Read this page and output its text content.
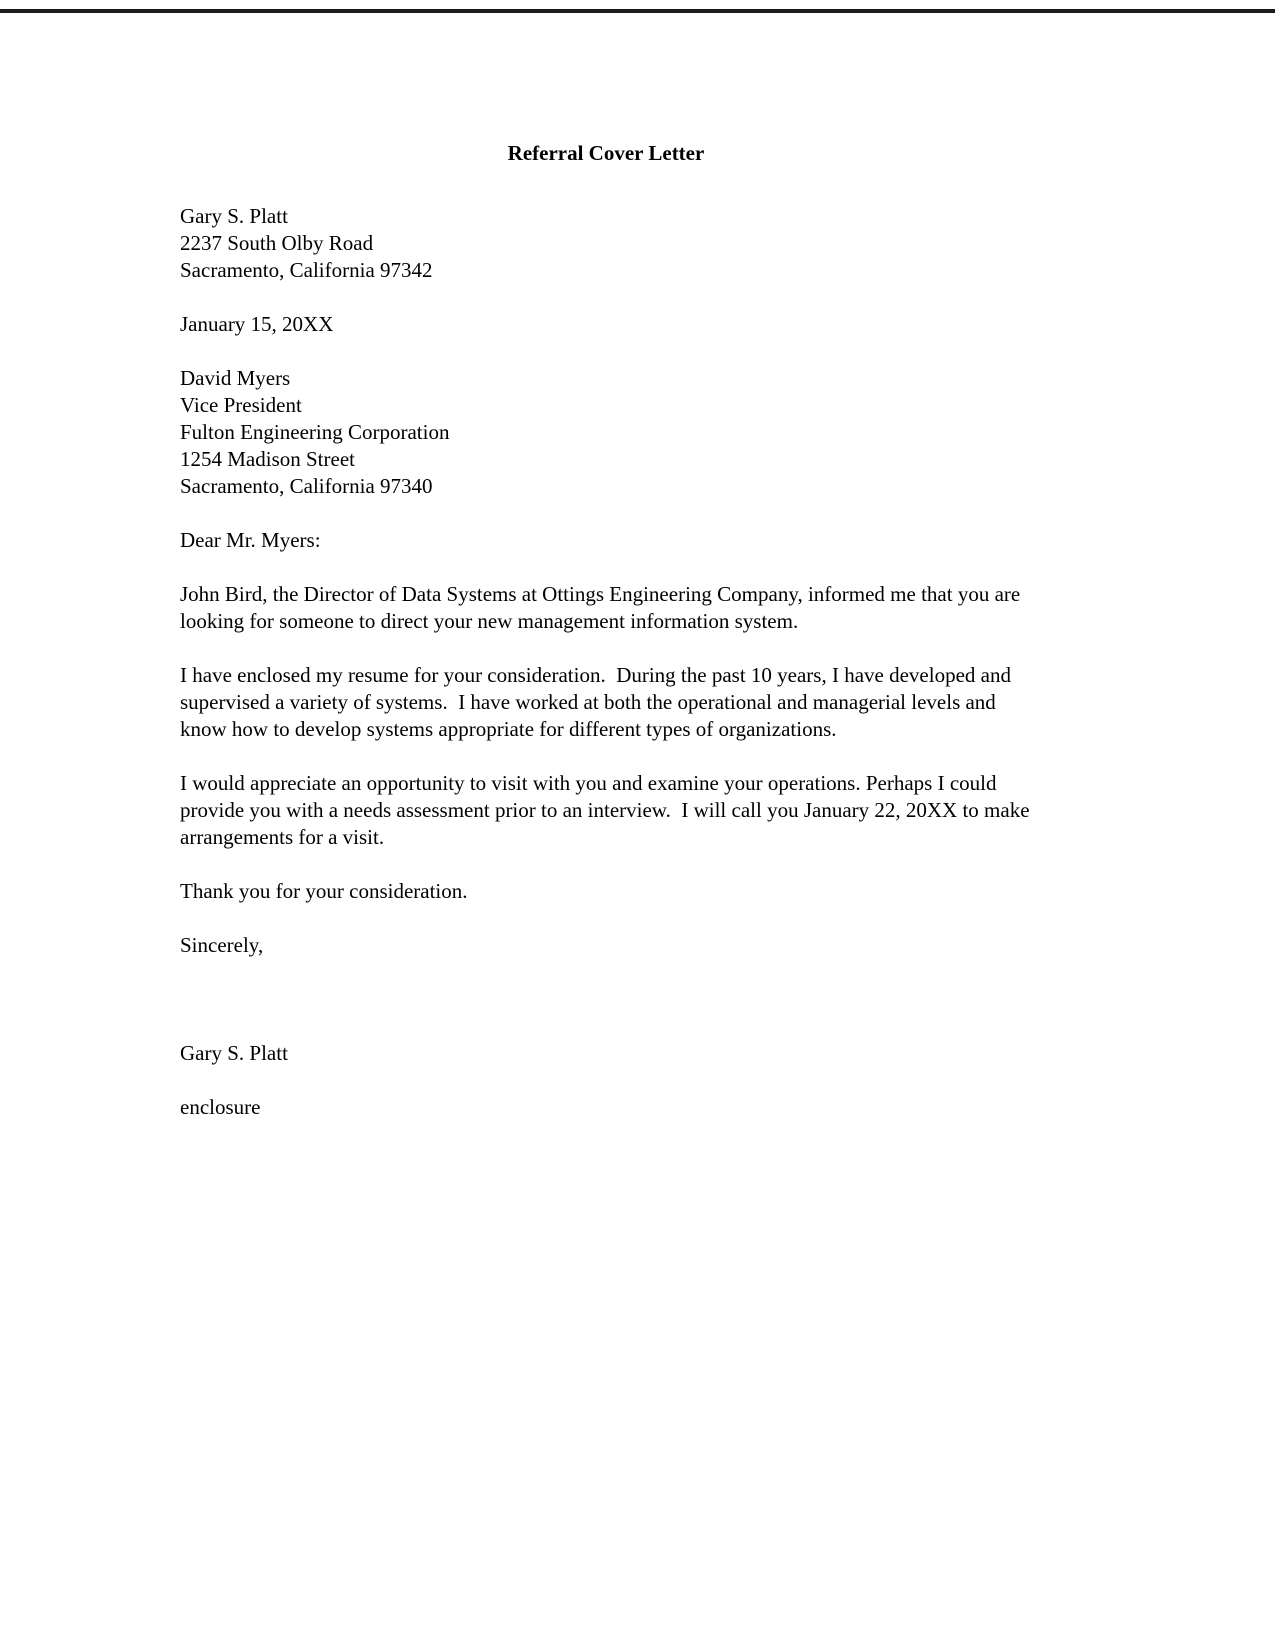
Referral Cover Letter
Gary S. Platt
2237 South Olby Road
Sacramento, California 97342
January 15, 20XX
David Myers
Vice President
Fulton Engineering Corporation
1254 Madison Street
Sacramento, California 97340
Dear Mr. Myers:
John Bird, the Director of Data Systems at Ottings Engineering Company, informed me that you are looking for someone to direct your new management information system.
I have enclosed my resume for your consideration.  During the past 10 years, I have developed and supervised a variety of systems.  I have worked at both the operational and managerial levels and know how to develop systems appropriate for different types of organizations.
I would appreciate an opportunity to visit with you and examine your operations. Perhaps I could provide you with a needs assessment prior to an interview.  I will call you January 22, 20XX to make arrangements for a visit.
Thank you for your consideration.
Sincerely,
Gary S. Platt
enclosure
